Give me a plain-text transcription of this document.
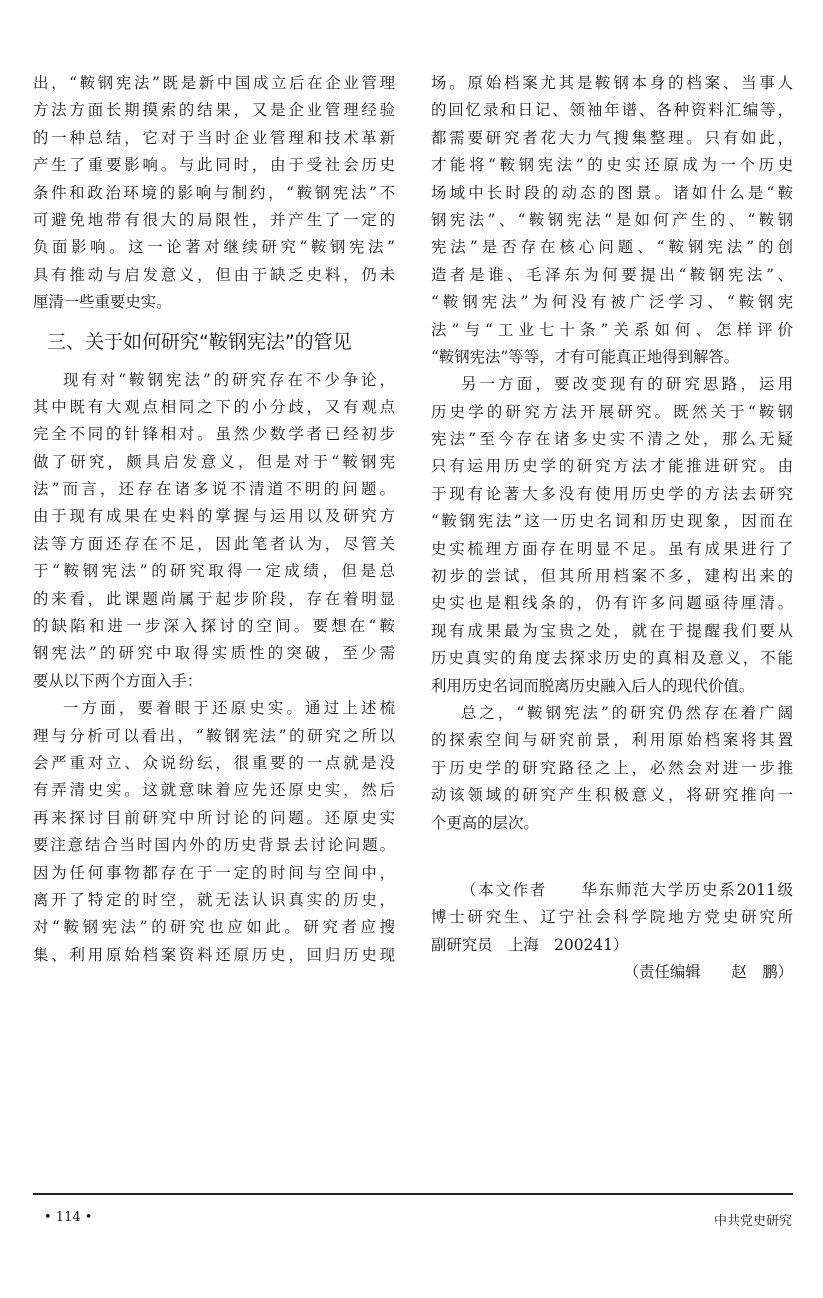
出，“鞍钢宪法”既是新中国成立后在企业管理
方法方面长期摸索的结果，又是企业管理经验
的一种总结，它对于当时企业管理和技术革新
产生了重要影响。与此同时，由于受社会历史
条件和政治环境的影响与制约，“鞍钢宪法”不
可避免地带有很大的局限性，并产生了一定的
负面影响。这一论著对继续研究“鞍钢宪法”
具有推动与启发意义，但由于缺乏史料，仍未
厘清一些重要史实。
三、关于如何研究“鞍钢宪法”的管见
现有对“鞍钢宪法”的研究存在不少争论，
其中既有大观点相同之下的小分歧，又有观点
完全不同的针锋相对。虽然少数学者已经初步
做了研究，颇具启发意义，但是对于“鞍钢宪
法”而言，还存在诸多说不清道不明的问题。
由于现有成果在史料的掌握与运用以及研究方
法等方面还存在不足，因此笔者认为，尽管关
于“鞍钢宪法”的研究取得一定成绩，但是总
的来看，此课题尚属于起步阶段，存在着明显
的缺陷和进一步深入探讨的空间。要想在“鞍
钢宪法”的研究中取得实质性的突破，至少需
要从以下两个方面入手：
一方面，要着眼于还原史实。通过上述梳
理与分析可以看出，“鞍钢宪法”的研究之所以
会严重对立、众说纷纭，很重要的一点就是没
有弄清史实。这就意味着应先还原史实，然后
再来探讨目前研究中所讨论的问题。还原史实
要注意结合当时国内外的历史背景去讨论问题。
因为任何事物都存在于一定的时间与空间中，
离开了特定的时空，就无法认识真实的历史，
对“鞍钢宪法”的研究也应如此。研究者应搜
集、利用原始档案资料还原历史，回归历史现
场。原始档案尤其是鞍钢本身的档案、当事人
的回忆录和日记、领袖年谱、各种资料汇编等，
都需要研究者花大力气搜集整理。只有如此，
才能将“鞍钢宪法”的史实还原成为一个历史
场域中长时段的动态的图景。诸如什么是“鞍
钢宪法”、“鞍钢宪法”是如何产生的、“鞍钢
宪法”是否存在核心问题、“鞍钢宪法”的创
造者是谁、毛泽东为何要提出“鞍钢宪法”、
“鞍钢宪法”为何没有被广泛学习、“鞍钢宪
法”与“工业七十条”关系如何、怎样评价
“鞍钢宪法”等等，才有可能真正地得到解答。
另一方面，要改变现有的研究思路，运用
历史学的研究方法开展研究。既然关于“鞍钢
宪法”至今存在诸多史实不清之处，那么无疑
只有运用历史学的研究方法才能推进研究。由
于现有论著大多没有使用历史学的方法去研究
“鞍钢宪法”这一历史名词和历史现象，因而在
史实梳理方面存在明显不足。虽有成果进行了
初步的尝试，但其所用档案不多，建构出来的
史实也是粗线条的，仍有许多问题亟待厘清。
现有成果最为宝贵之处，就在于提醒我们要从
历史真实的角度去探求历史的真相及意义，不能
利用历史名词而脱离历史融入后人的现代价值。
总之，“鞍钢宪法”的研究仍然存在着广阔
的探索空间与研究前景，利用原始档案将其置
于历史学的研究路径之上，必然会对进一步推
动该领域的研究产生积极意义，将研究推向一
个更高的层次。
（本文作者　　华东师范大学历史系2011级
博士研究生、辽宁社会科学院地方党史研究所
副研究员　上海　200241）
（责任编辑　　赵　鹏）
• 114 •	中共党史研究
